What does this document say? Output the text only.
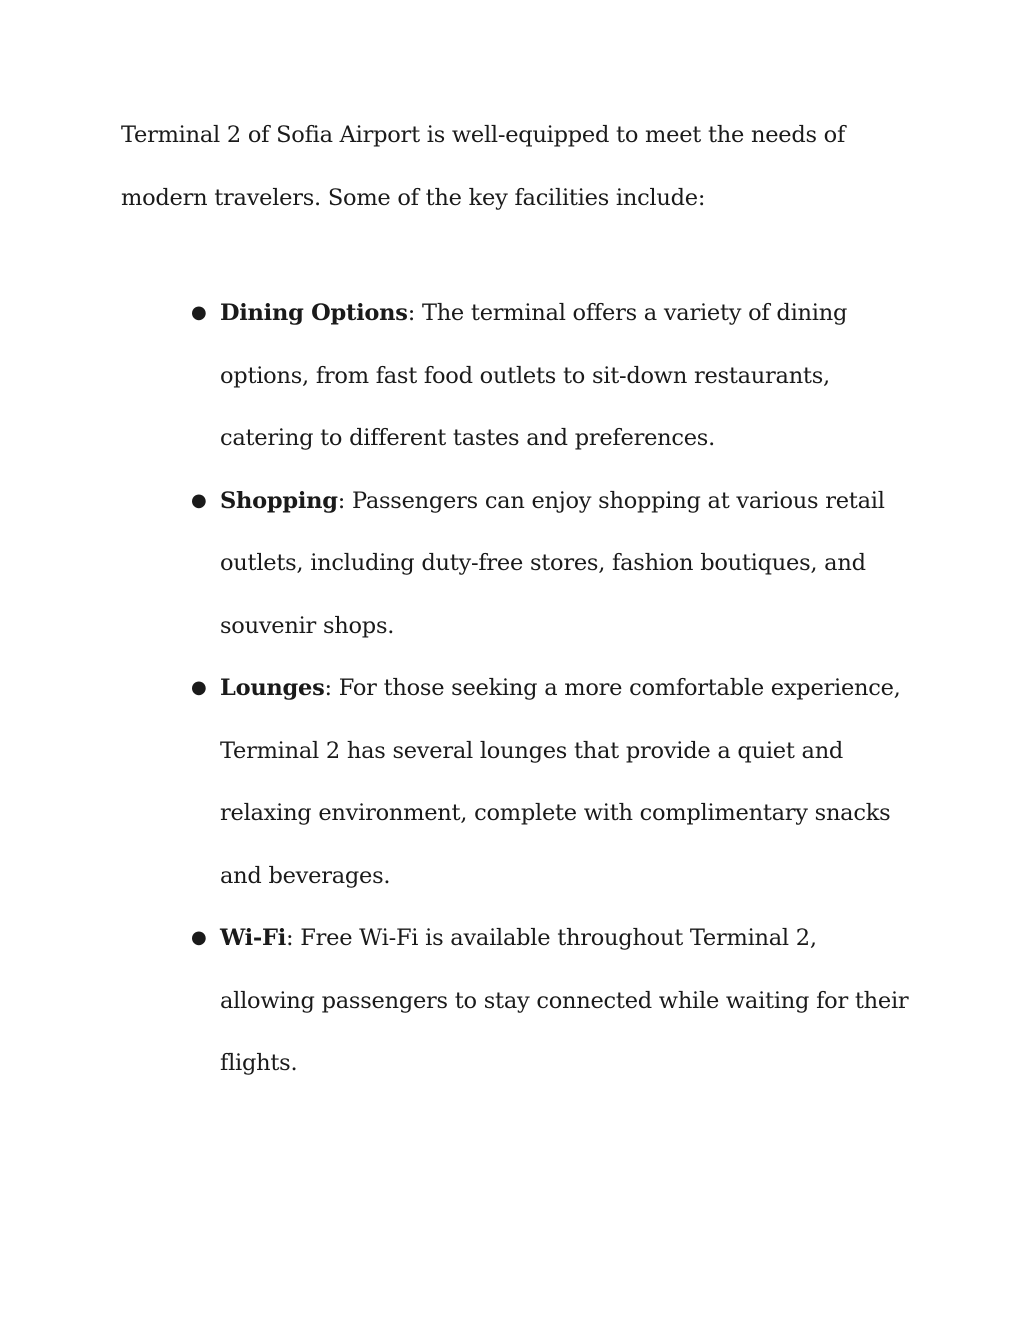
Terminal 2 of Sofia Airport is well-equipped to meet the needs of modern travelers. Some of the key facilities include:

● Dining Options: The terminal offers a variety of dining options, from fast food outlets to sit-down restaurants, catering to different tastes and preferences.
● Shopping: Passengers can enjoy shopping at various retail outlets, including duty-free stores, fashion boutiques, and souvenir shops.
● Lounges: For those seeking a more comfortable experience, Terminal 2 has several lounges that provide a quiet and relaxing environment, complete with complimentary snacks and beverages.
● Wi-Fi: Free Wi-Fi is available throughout Terminal 2, allowing passengers to stay connected while waiting for their flights.
